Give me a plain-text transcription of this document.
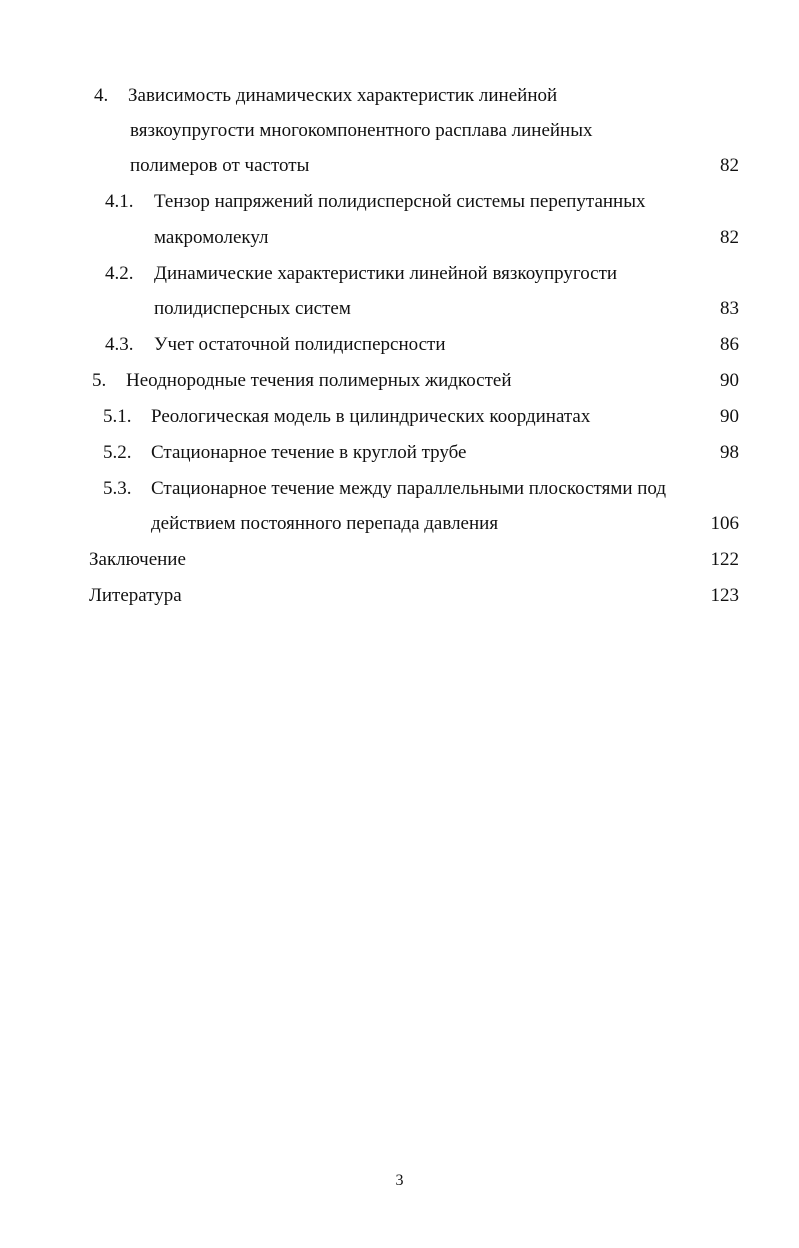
4. Зависимость динамических характеристик линейной
вязкоупругости многокомпонентного расплава линейных
полимеров от частоты	82
4.1. Тензор напряжений полидисперсной системы перепутанных
макромолекул	82
4.2. Динамические характеристики линейной вязкоупругости
полидисперсных систем	83
4.3. Учет остаточной полидисперсности	86
5. Неоднородные течения полимерных жидкостей	90
5.1. Реологическая модель в цилиндрических координатах	90
5.2. Стационарное течение в круглой трубе	98
5.3. Стационарное течение между параллельными плоскостями под
действием постоянного перепада давления	106
Заключение	122
Литература	123
3
